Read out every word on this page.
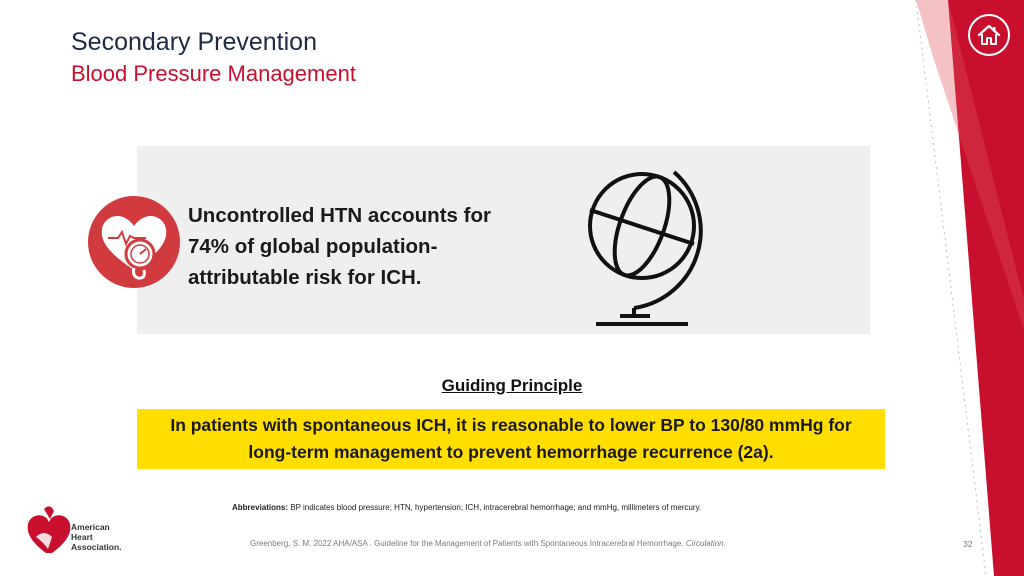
Secondary Prevention
Blood Pressure Management
Uncontrolled HTN accounts for
74% of global population-
attributable risk for ICH.
Guiding Principle
In patients with spontaneous ICH, it is reasonable to lower BP to 130/80 mmHg for
long-term management to prevent hemorrhage recurrence (2a).
Abbreviations: BP indicates blood pressure; HTN, hypertension; ICH, intracerebral hemorrhage; and mmHg, millimeters of mercury.
American
Heart
Association.	Greenberg, S. M. 2022 AHA/ASA . Guideline for the Management of Patients with Spontaneous Intracerebral Hemorrhage. Circulation.	32
